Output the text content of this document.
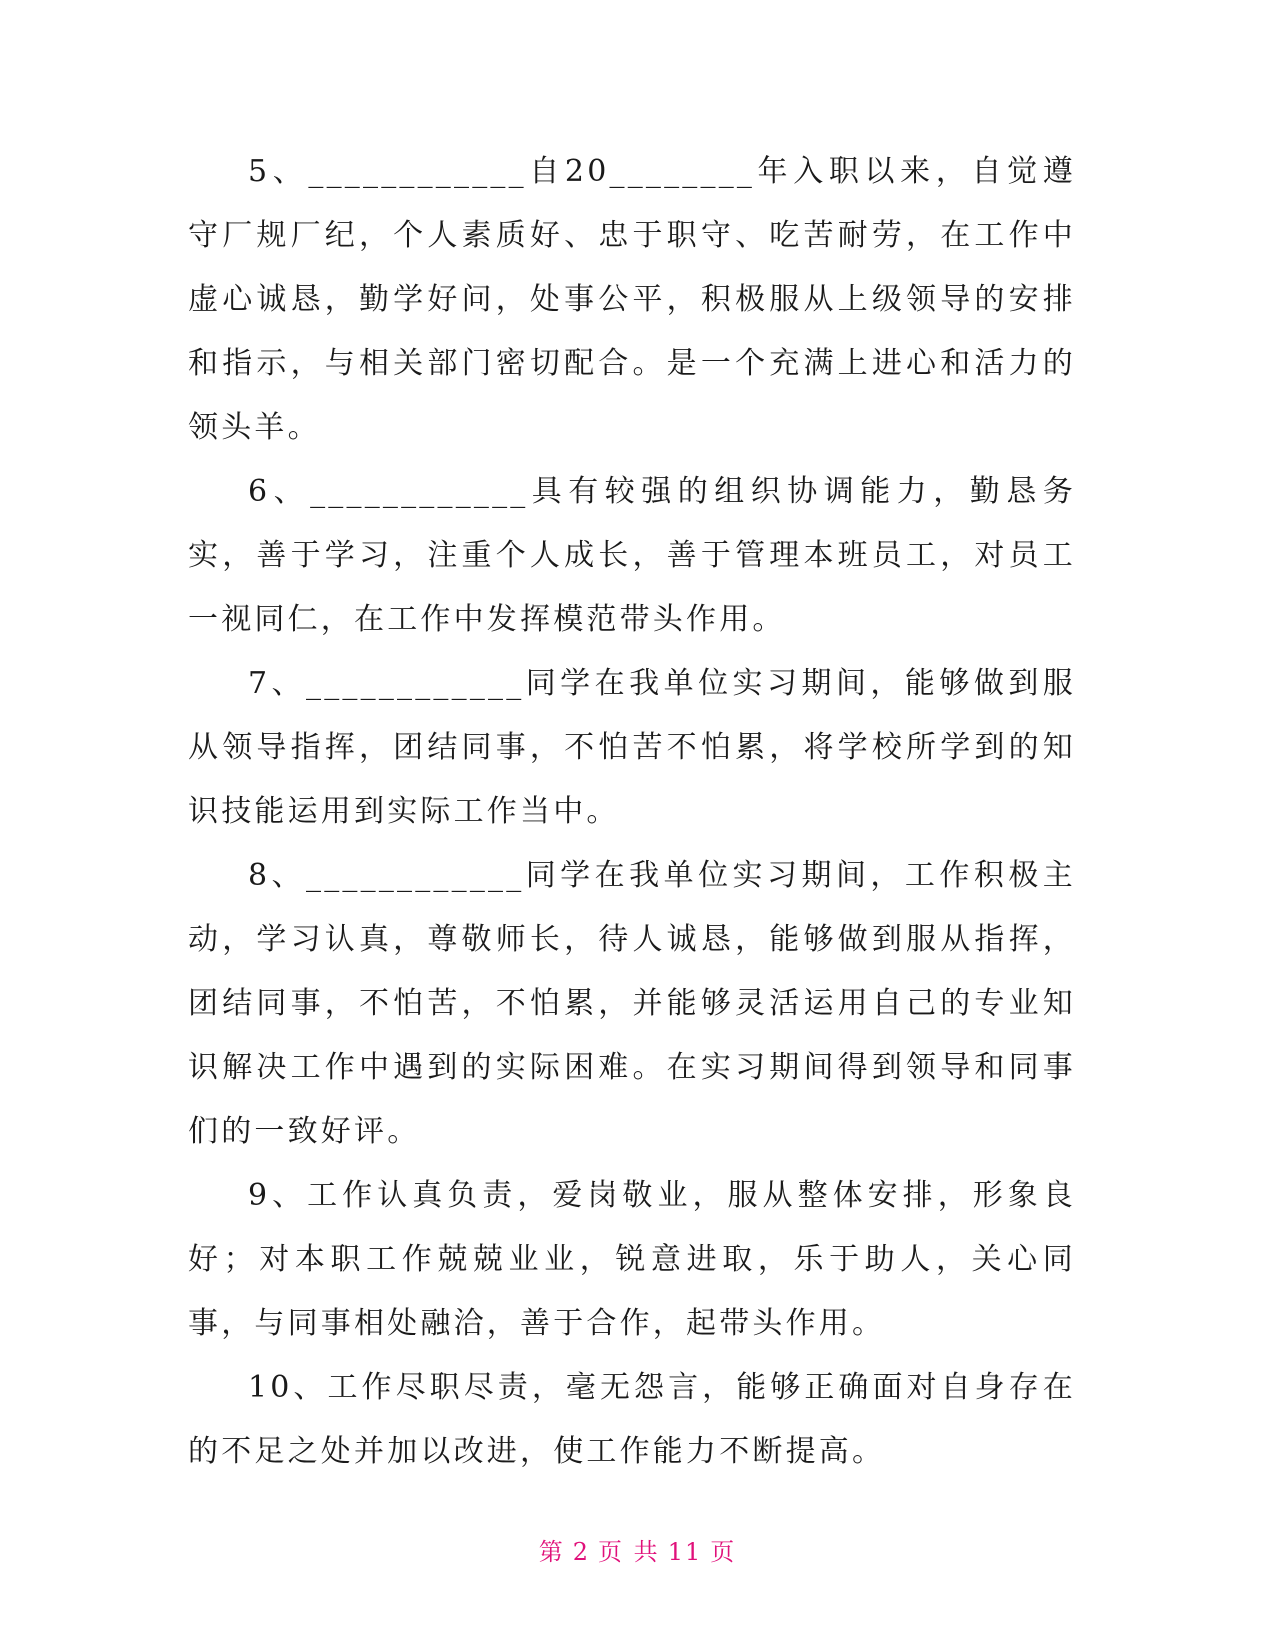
5、____________自20________年入职以来，自觉遵守厂规厂纪，个人素质好、忠于职守、吃苦耐劳，在工作中虚心诚恳，勤学好问，处事公平，积极服从上级领导的安排和指示，与相关部门密切配合。是一个充满上进心和活力的领头羊。

6、____________具有较强的组织协调能力，勤恳务实，善于学习，注重个人成长，善于管理本班员工，对员工一视同仁，在工作中发挥模范带头作用。

7、____________同学在我单位实习期间，能够做到服从领导指挥，团结同事，不怕苦不怕累，将学校所学到的知识技能运用到实际工作当中。

8、____________同学在我单位实习期间，工作积极主动，学习认真，尊敬师长，待人诚恳，能够做到服从指挥，团结同事，不怕苦，不怕累，并能够灵活运用自己的专业知识解决工作中遇到的实际困难。在实习期间得到领导和同事们的一致好评。

9、工作认真负责，爱岗敬业，服从整体安排，形象良好；对本职工作兢兢业业，锐意进取，乐于助人，关心同事，与同事相处融洽，善于合作，起带头作用。

10、工作尽职尽责，毫无怨言，能够正确面对自身存在的不足之处并加以改进，使工作能力不断提高。

第 2 页 共 11 页
